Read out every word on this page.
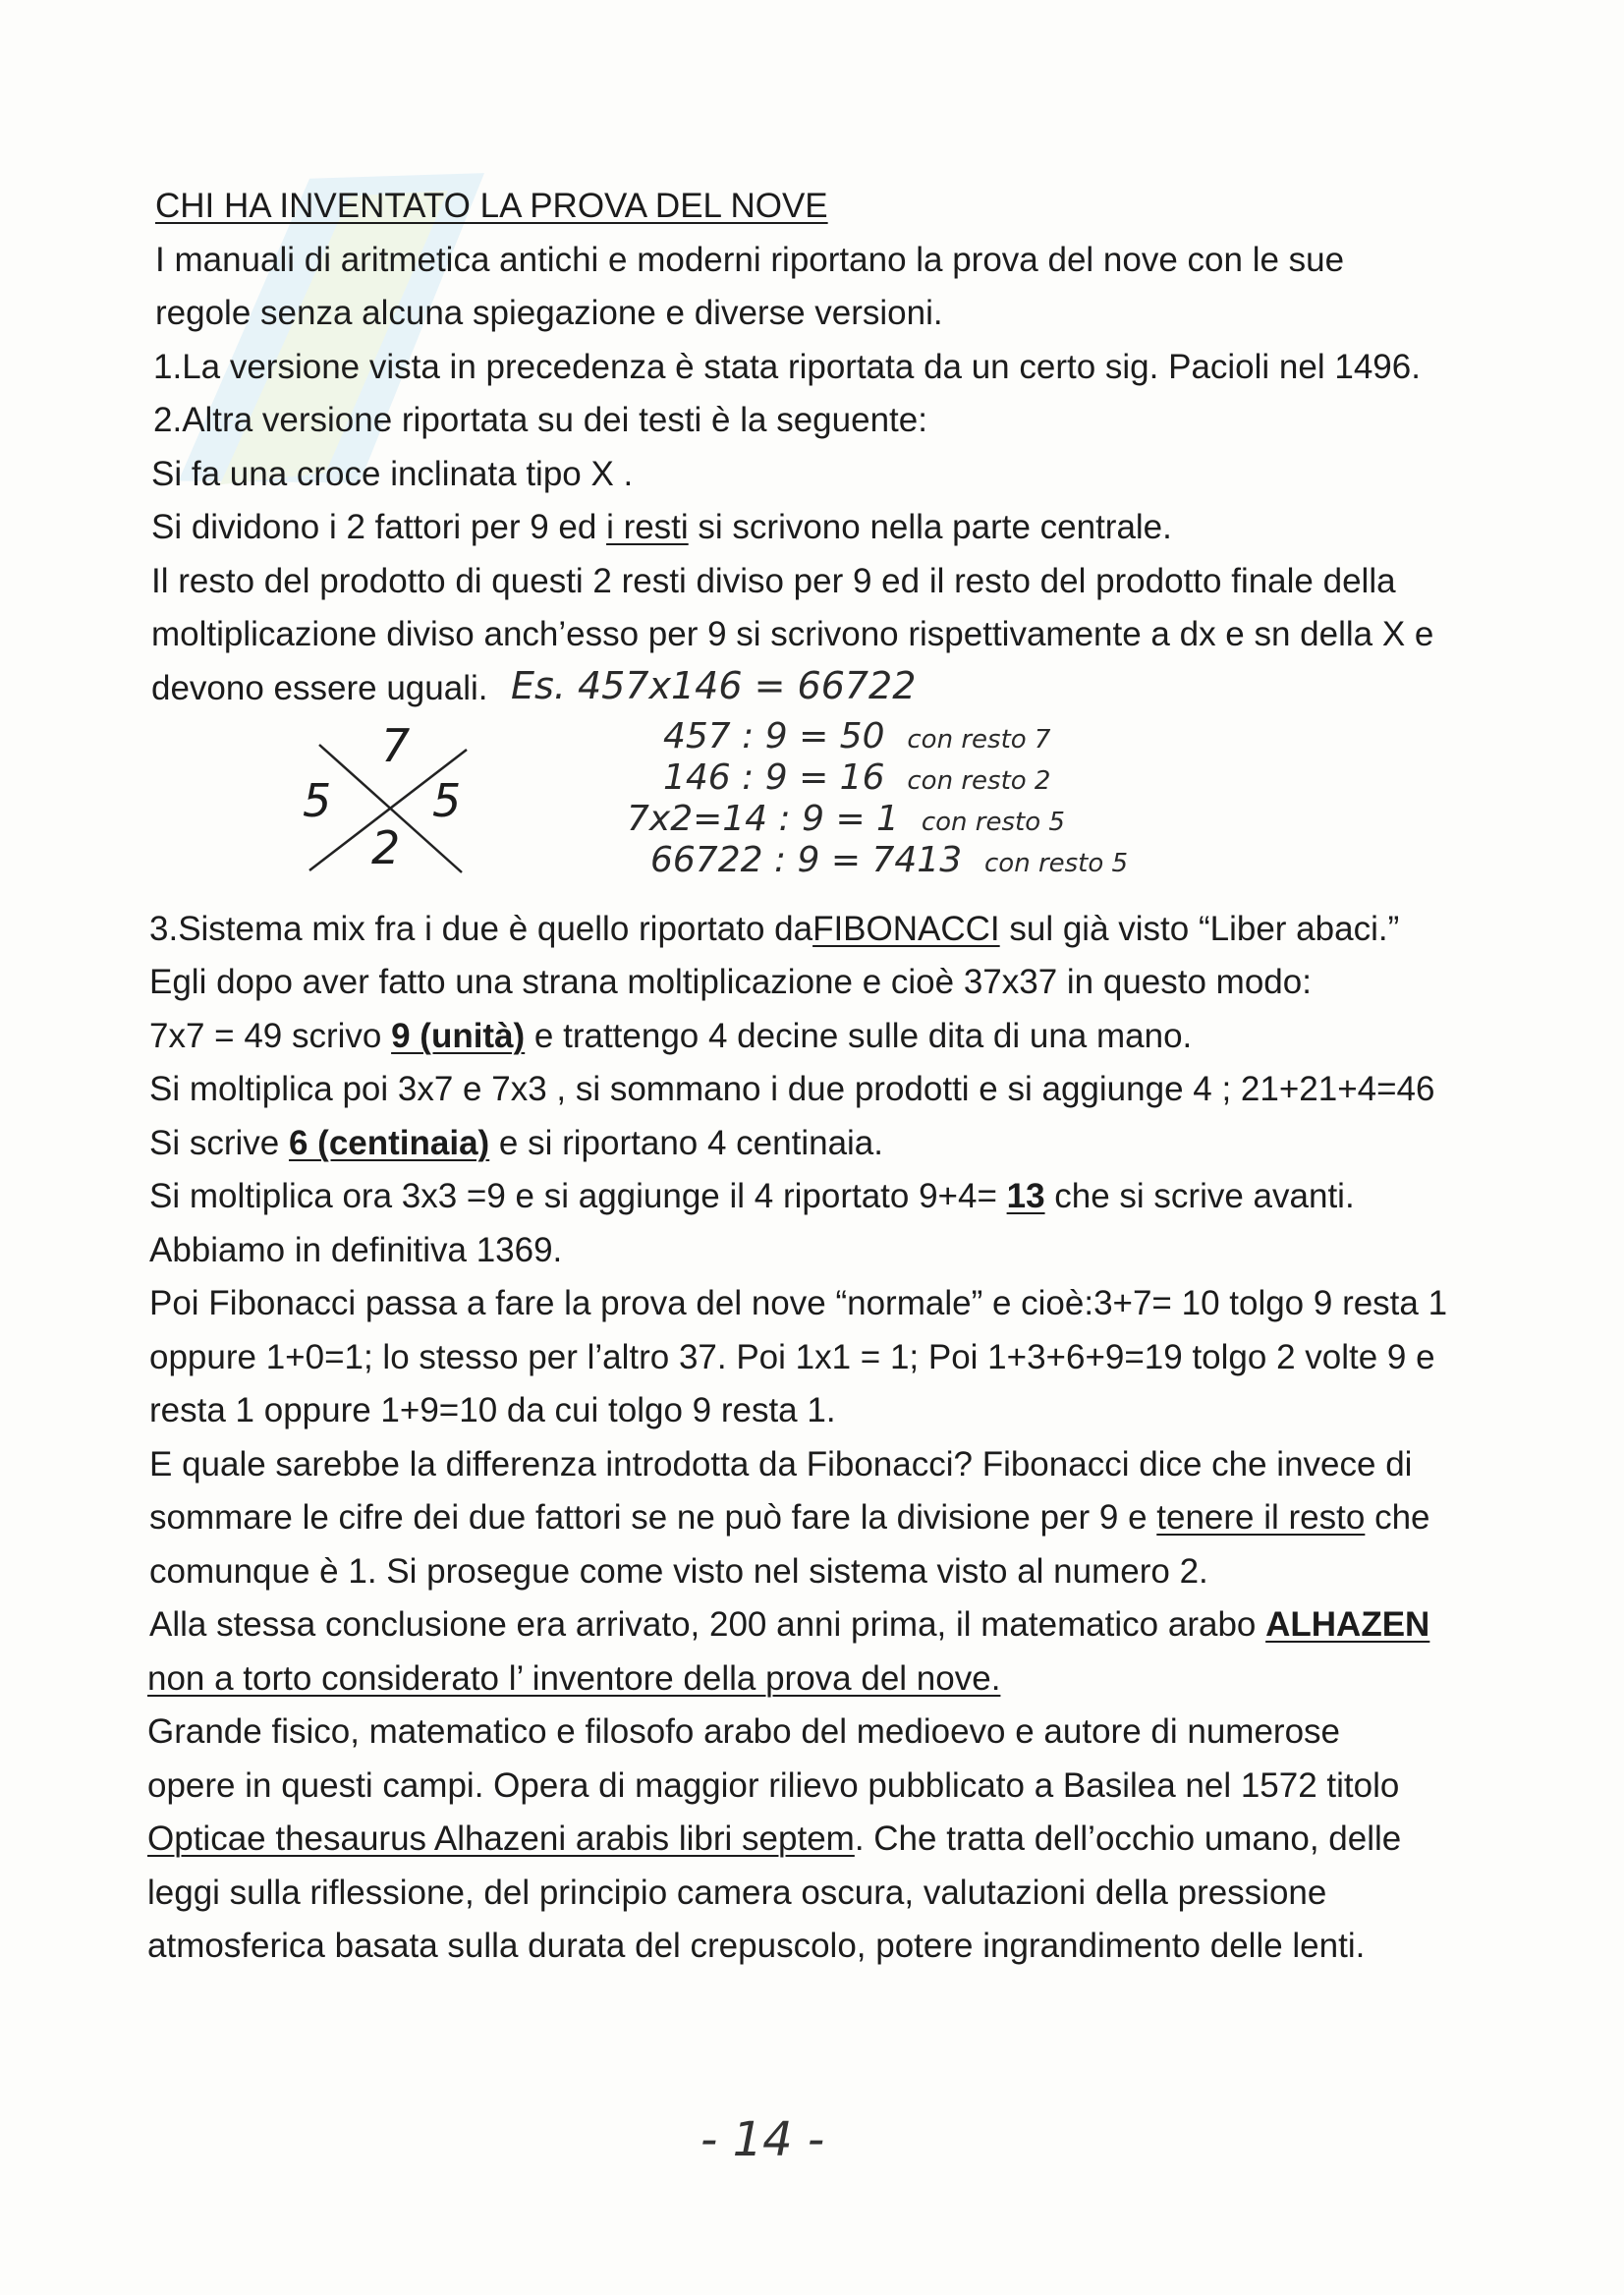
CHI HA INVENTATO LA PROVA DEL NOVE
I manuali di aritmetica antichi e moderni riportano la prova del nove con le sue
regole senza alcuna spiegazione e diverse versioni.
1.La versione vista in precedenza è stata riportata da un certo sig. Pacioli nel 1496.
2.Altra versione riportata su dei testi è la seguente:
Si fa una croce inclinata tipo X .
Si dividono i 2 fattori per 9 ed i resti si scrivono nella parte centrale.
Il resto del prodotto di questi 2 resti diviso per 9 ed il resto del prodotto finale della
moltiplicazione diviso anch’esso per 9 si scrivono rispettivamente a dx e sn della X e
devono essere uguali. Es. 457x146 = 66722
7
5 5
2
457 : 9 = 50 con resto 7
146 : 9 = 16 con resto 2
7x2=14 : 9 = 1 con resto 5
66722 : 9 = 7413 con resto 5
3.Sistema mix fra i due è quello riportato daFIBONACCI sul già visto “Liber abaci.”
Egli dopo aver fatto una strana moltiplicazione e cioè 37x37 in questo modo:
7x7 = 49 scrivo 9 (unità) e trattengo 4 decine sulle dita di una mano.
Si moltiplica poi 3x7 e 7x3 , si sommano i due prodotti e si aggiunge 4 ; 21+21+4=46
Si scrive 6 (centinaia) e si riportano 4 centinaia.
Si moltiplica ora 3x3 =9 e si aggiunge il 4 riportato 9+4= 13 che si scrive avanti.
Abbiamo in definitiva 1369.
Poi Fibonacci passa a fare la prova del nove “normale” e cioè:3+7= 10 tolgo 9 resta 1
oppure 1+0=1; lo stesso per l’altro 37. Poi 1x1 = 1; Poi 1+3+6+9=19 tolgo 2 volte 9 e
resta 1 oppure 1+9=10 da cui tolgo 9 resta 1.
E quale sarebbe la differenza introdotta da Fibonacci? Fibonacci dice che invece di
sommare le cifre dei due fattori se ne può fare la divisione per 9 e tenere il resto che
comunque è 1. Si prosegue come visto nel sistema visto al numero 2.
Alla stessa conclusione era arrivato, 200 anni prima, il matematico arabo ALHAZEN
non a torto considerato l’ inventore della prova del nove.
Grande fisico, matematico e filosofo arabo del medioevo e autore di numerose
opere in questi campi. Opera di maggior rilievo pubblicato a Basilea nel 1572 titolo
Opticae thesaurus Alhazeni arabis libri septem. Che tratta dell’occhio umano, delle
leggi sulla riflessione, del principio camera oscura, valutazioni della pressione
atmosferica basata sulla durata del crepuscolo, potere ingrandimento delle lenti.
- 14 -
